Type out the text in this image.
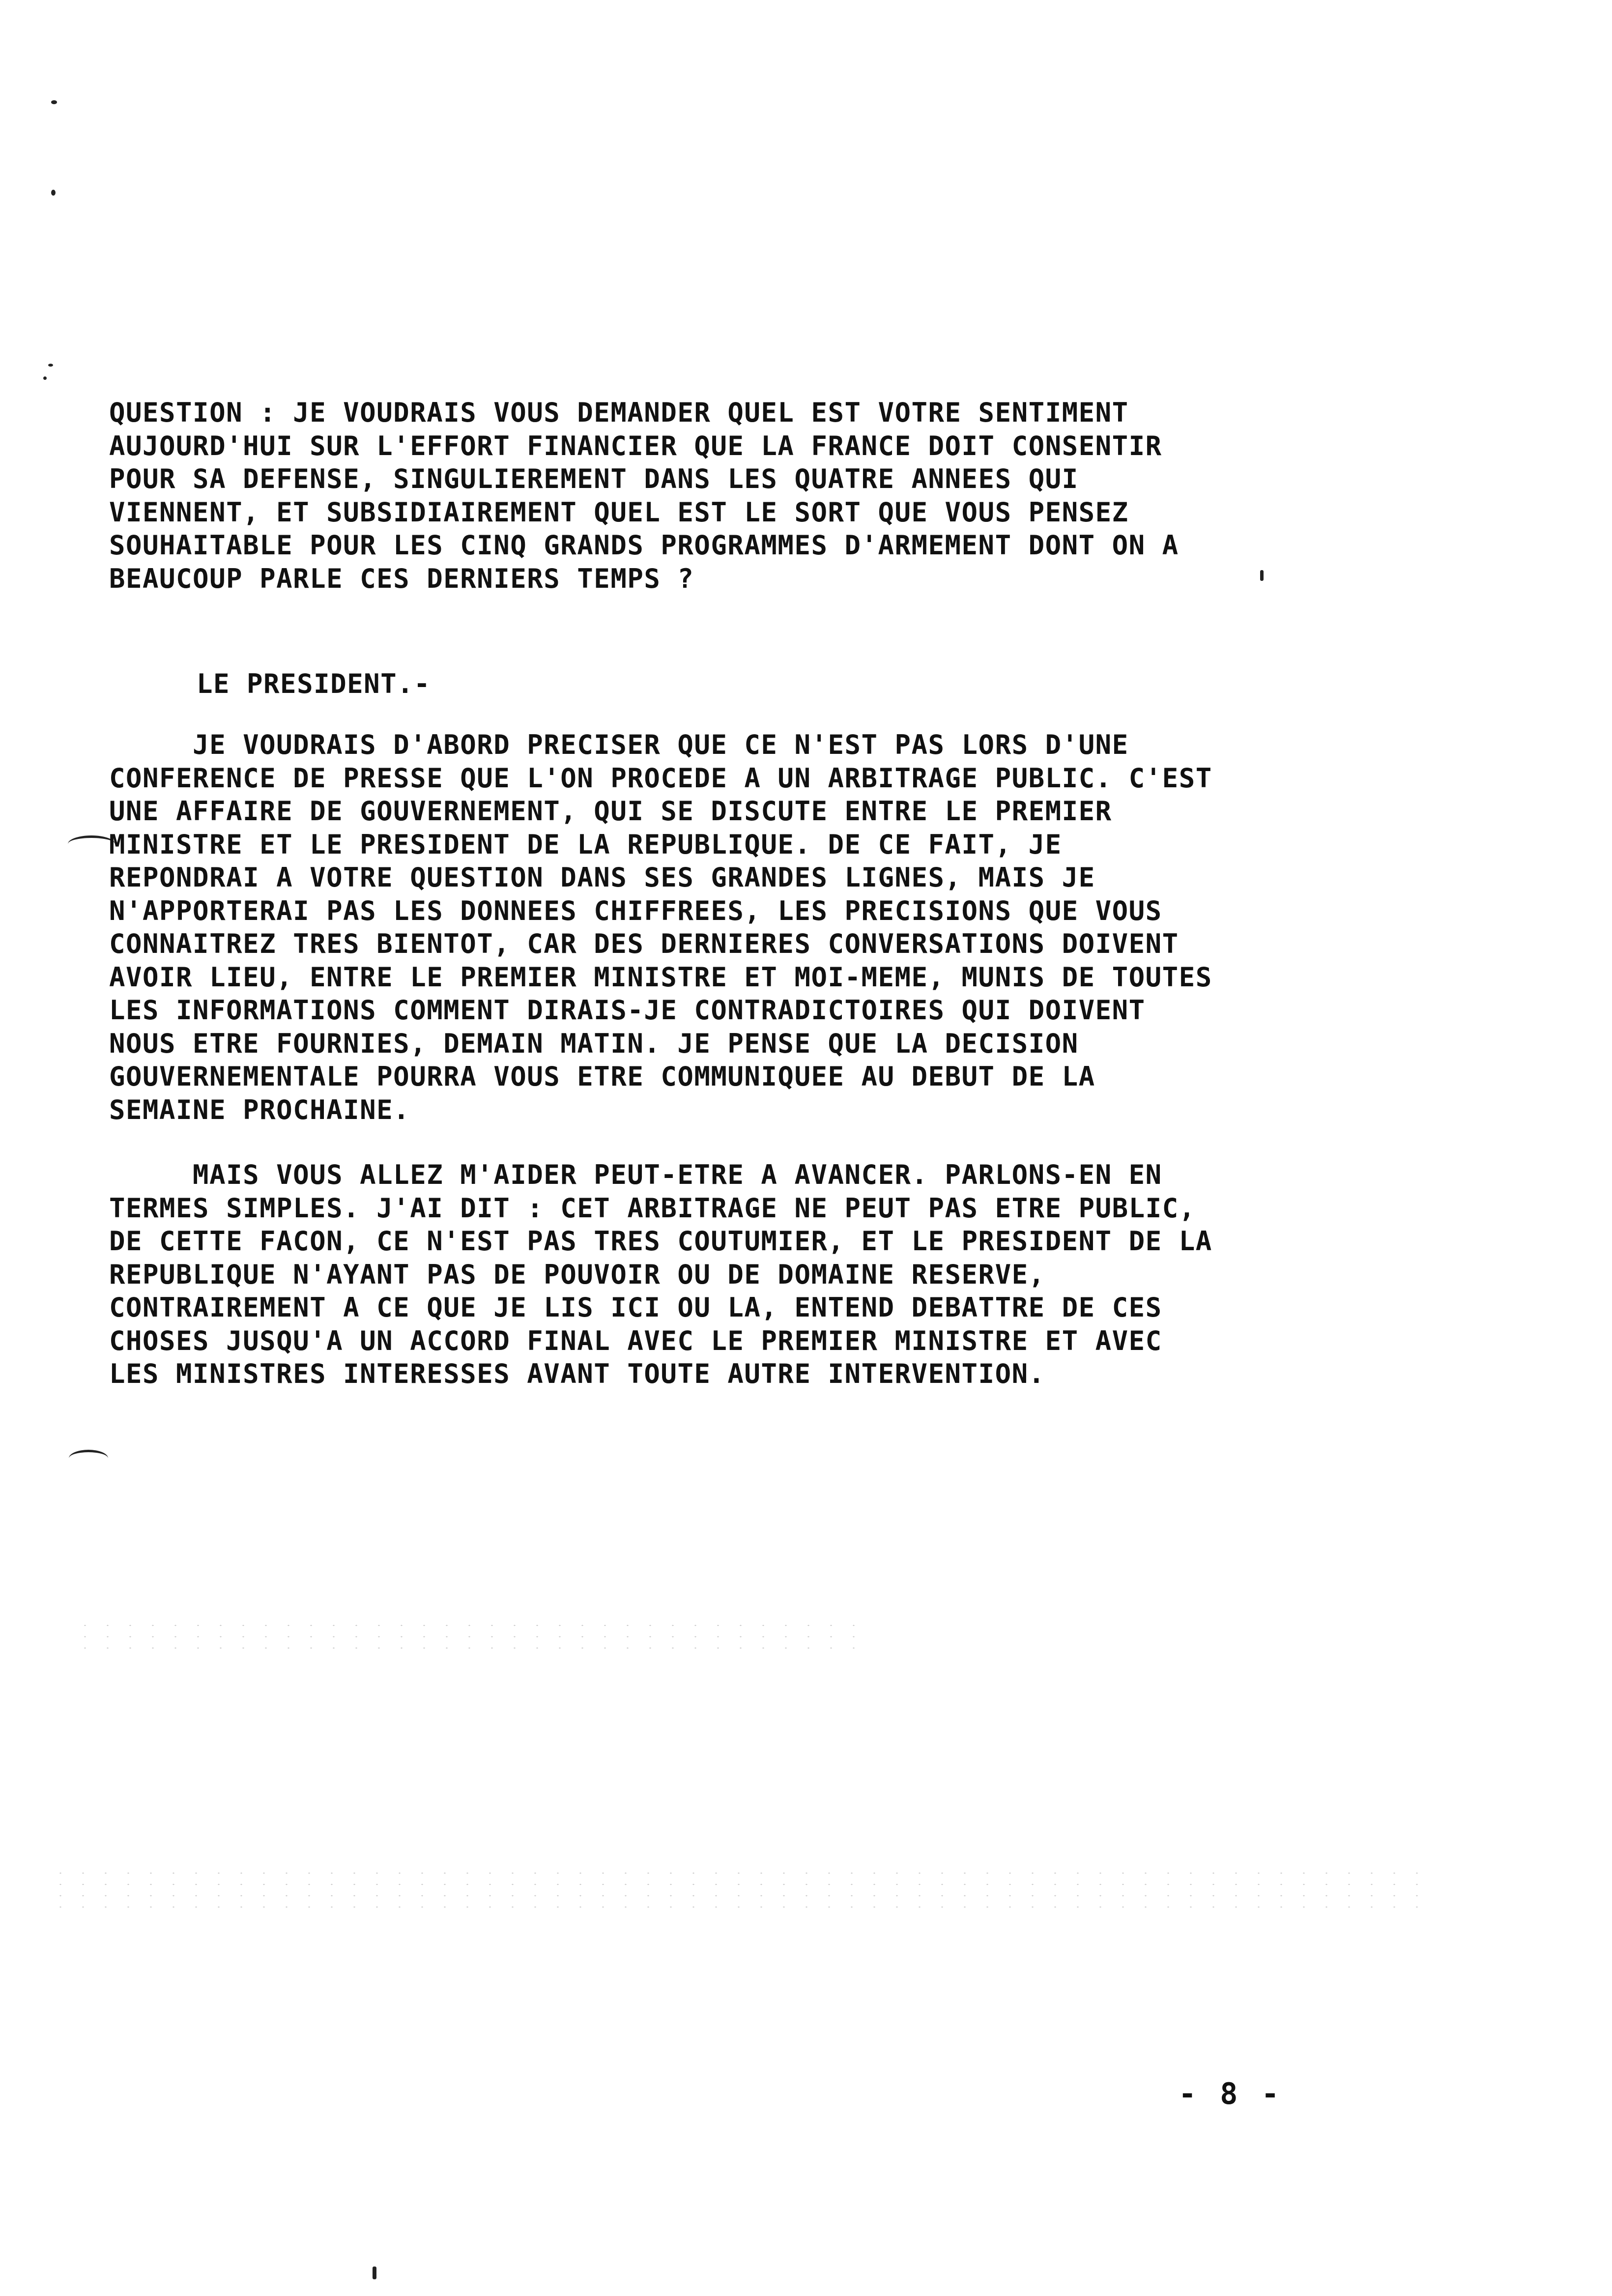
QUESTION : JE VOUDRAIS VOUS DEMANDER QUEL EST VOTRE SENTIMENT
AUJOURD'HUI SUR L'EFFORT FINANCIER QUE LA FRANCE DOIT CONSENTIR
POUR SA DEFENSE, SINGULIEREMENT DANS LES QUATRE ANNEES QUI
VIENNENT, ET SUBSIDIAIREMENT QUEL EST LE SORT QUE VOUS PENSEZ
SOUHAITABLE POUR LES CINQ GRANDS PROGRAMMES D'ARMEMENT DONT ON A
BEAUCOUP PARLE CES DERNIERS TEMPS ?
LE PRESIDENT.-
JE VOUDRAIS D'ABORD PRECISER QUE CE N'EST PAS LORS D'UNE
CONFERENCE DE PRESSE QUE L'ON PROCEDE A UN ARBITRAGE PUBLIC. C'EST
UNE AFFAIRE DE GOUVERNEMENT, QUI SE DISCUTE ENTRE LE PREMIER
MINISTRE ET LE PRESIDENT DE LA REPUBLIQUE. DE CE FAIT, JE
REPONDRAI A VOTRE QUESTION DANS SES GRANDES LIGNES, MAIS JE
N'APPORTERAI PAS LES DONNEES CHIFFREES, LES PRECISIONS QUE VOUS
CONNAITREZ TRES BIENTOT, CAR DES DERNIERES CONVERSATIONS DOIVENT
AVOIR LIEU, ENTRE LE PREMIER MINISTRE ET MOI-MEME, MUNIS DE TOUTES
LES INFORMATIONS COMMENT DIRAIS-JE CONTRADICTOIRES QUI DOIVENT
NOUS ETRE FOURNIES, DEMAIN MATIN. JE PENSE QUE LA DECISION
GOUVERNEMENTALE POURRA VOUS ETRE COMMUNIQUEE AU DEBUT DE LA
SEMAINE PROCHAINE.
MAIS VOUS ALLEZ M'AIDER PEUT-ETRE A AVANCER. PARLONS-EN EN
TERMES SIMPLES. J'AI DIT : CET ARBITRAGE NE PEUT PAS ETRE PUBLIC,
DE CETTE FACON, CE N'EST PAS TRES COUTUMIER, ET LE PRESIDENT DE LA
REPUBLIQUE N'AYANT PAS DE POUVOIR OU DE DOMAINE RESERVE,
CONTRAIREMENT A CE QUE JE LIS ICI OU LA, ENTEND DEBATTRE DE CES
CHOSES JUSQU'A UN ACCORD FINAL AVEC LE PREMIER MINISTRE ET AVEC
LES MINISTRES INTERESSES AVANT TOUTE AUTRE INTERVENTION.
- 8 -
